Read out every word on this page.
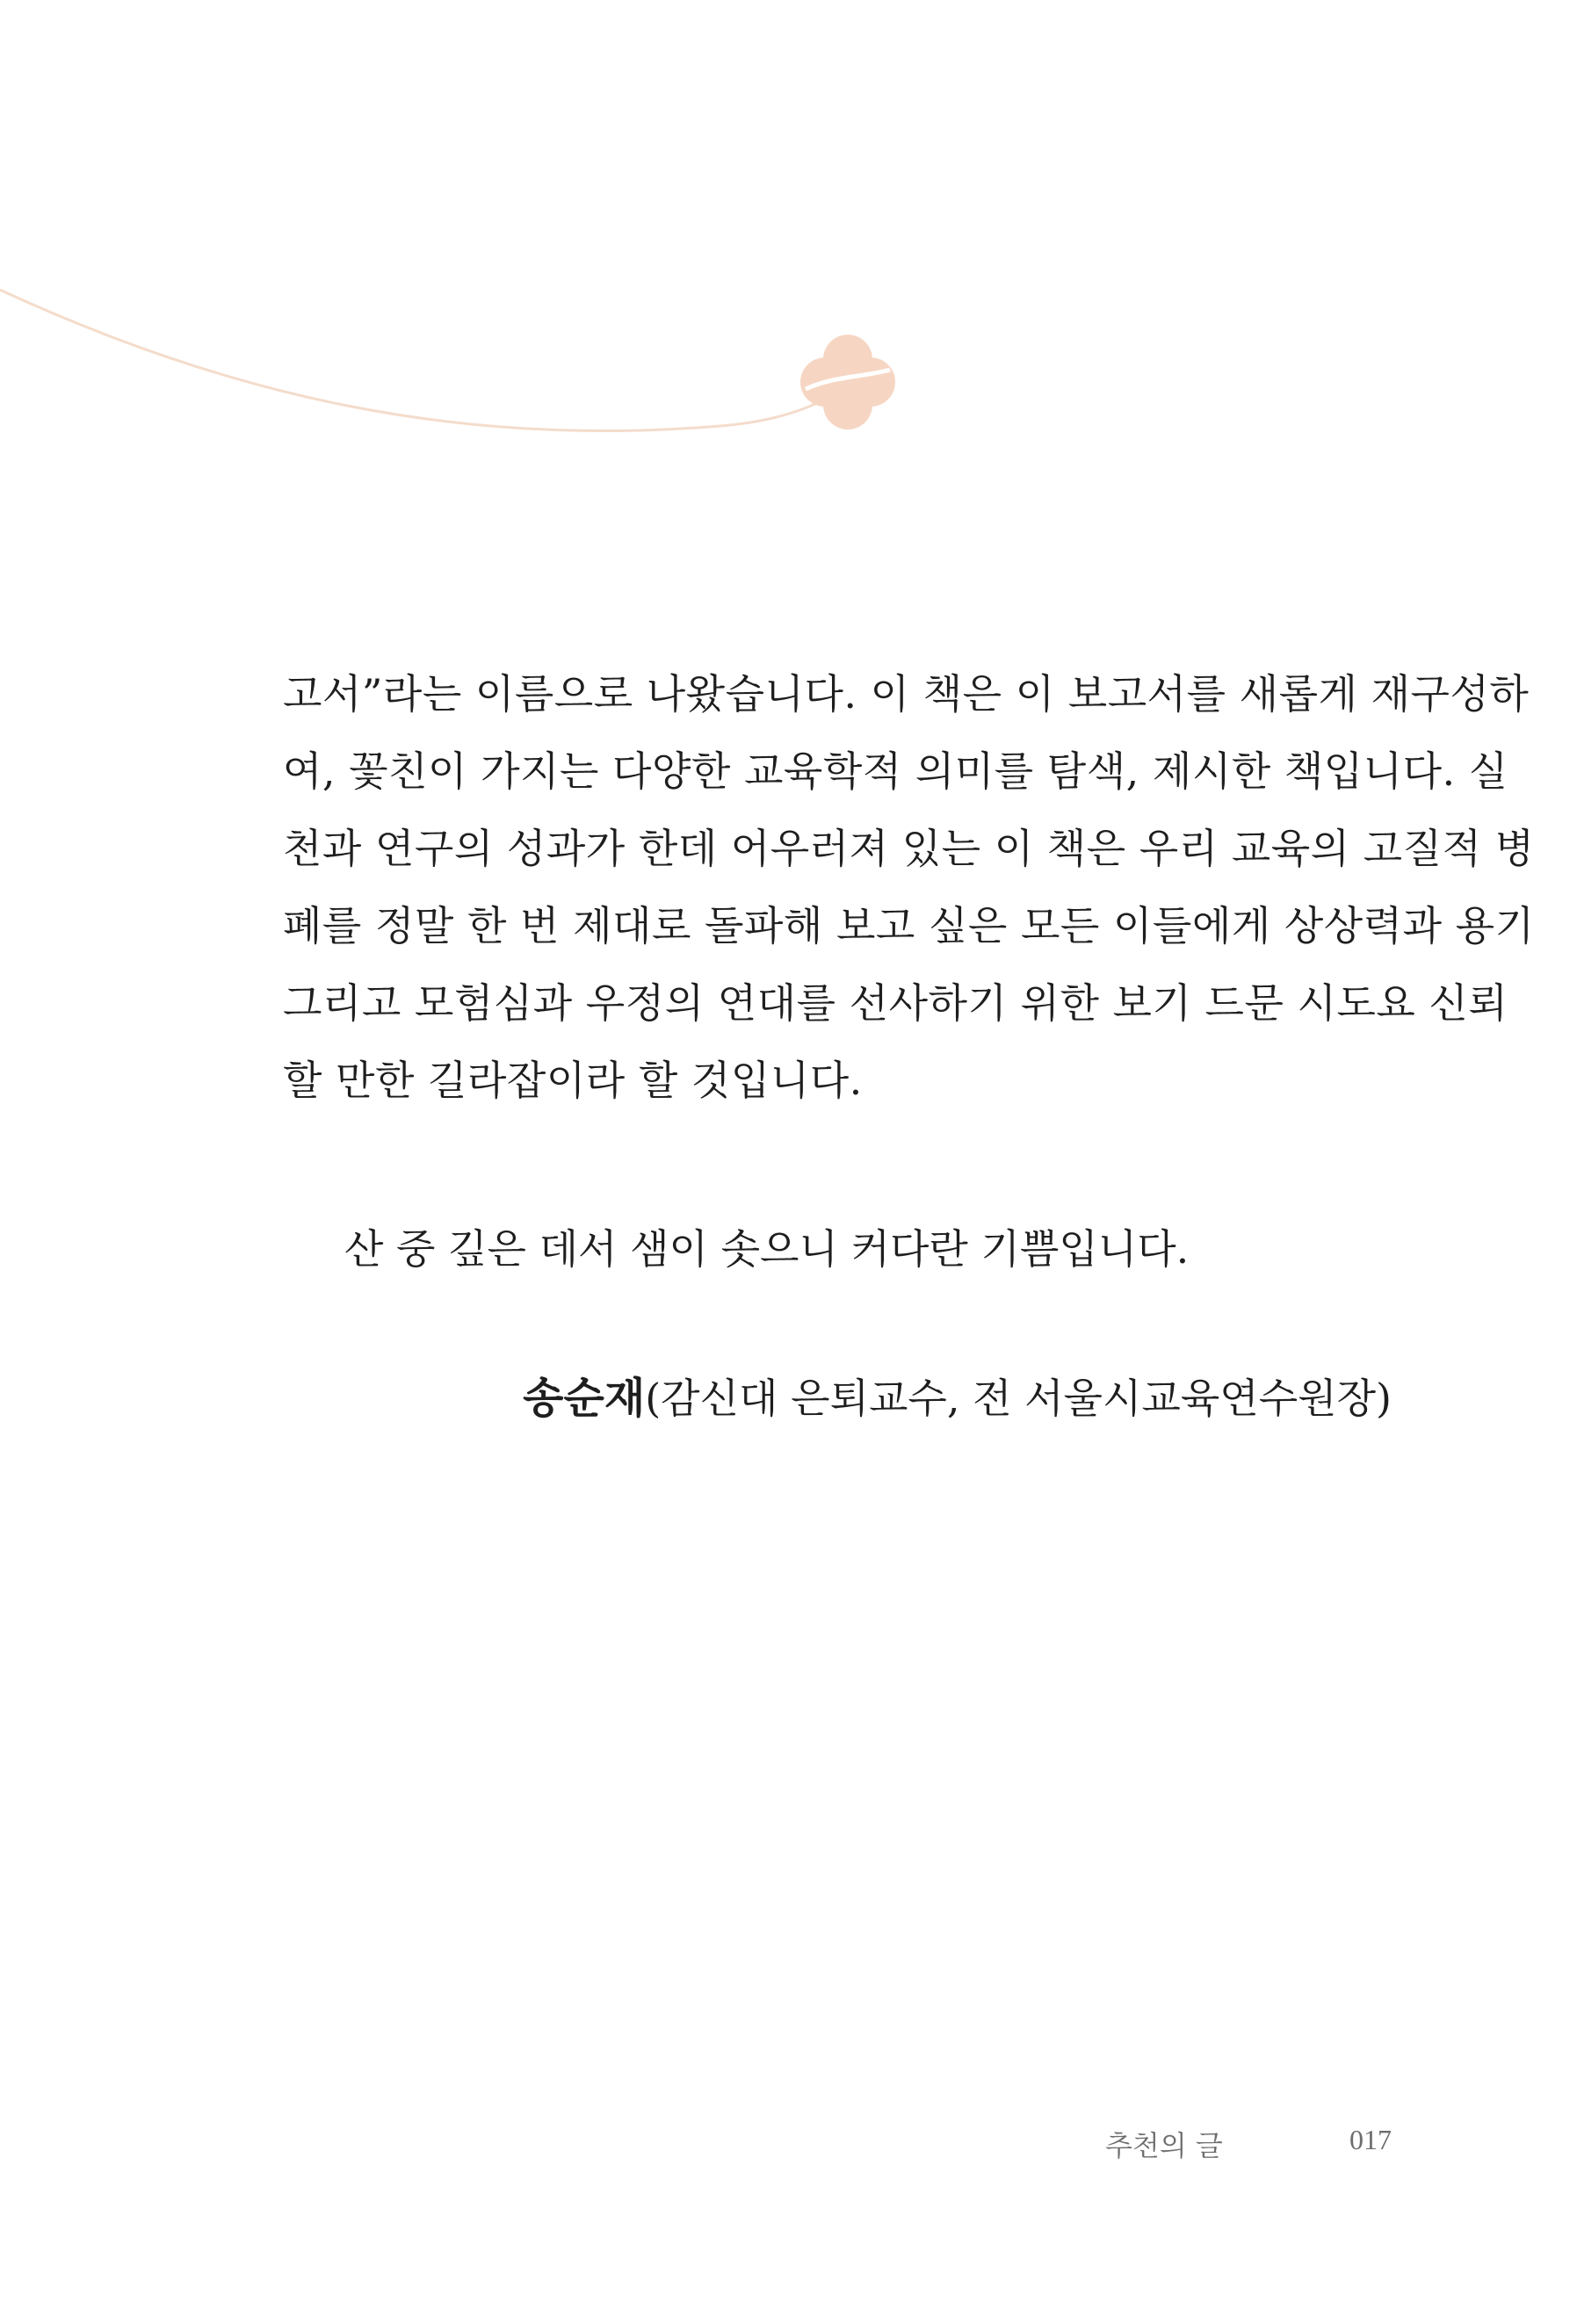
고서”라는 이름으로 나왔습니다. 이 책은 이 보고서를 새롭게 재구성하
여, 꽃친이 가지는 다양한 교육학적 의미를 탐색, 제시한 책입니다. 실
천과 연구의 성과가 한데 어우러져 있는 이 책은 우리 교육의 고질적 병
폐를 정말 한 번 제대로 돌파해 보고 싶은 모든 이들에게 상상력과 용기
그리고 모험심과 우정의 연대를 선사하기 위한 보기 드문 시도요 신뢰
할 만한 길라잡이라 할 것입니다.
산 중 깊은 데서 샘이 솟으니 커다란 기쁨입니다.
송순재(감신대 은퇴교수, 전 서울시교육연수원장)
추천의 글	017
